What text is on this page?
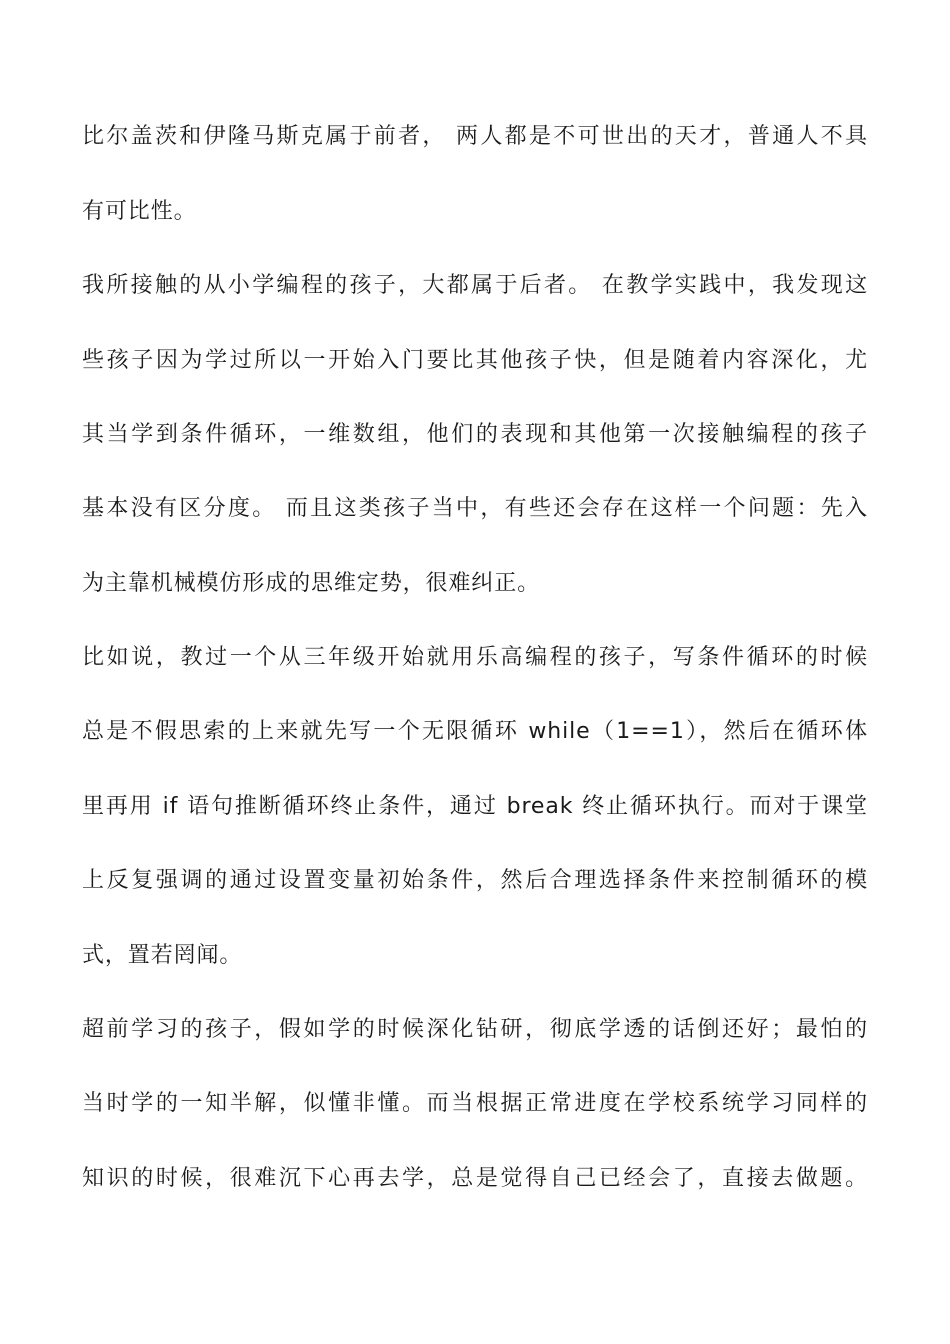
比尔盖茨和伊隆马斯克属于前者， 两人都是不可世出的天才，普通人不具
有可比性。
我所接触的从小学编程的孩子，大都属于后者。 在教学实践中，我发现这
些孩子因为学过所以一开始入门要比其他孩子快，但是随着内容深化，尤
其当学到条件循环，一维数组，他们的表现和其他第一次接触编程的孩子
基本没有区分度。 而且这类孩子当中，有些还会存在这样一个问题：先入
为主靠机械模仿形成的思维定势，很难纠正。
比如说，教过一个从三年级开始就用乐高编程的孩子，写条件循环的时候
总是不假思索的上来就先写一个无限循环 while（1==1），然后在循环体
里再用 if 语句推断循环终止条件，通过 break 终止循环执行。而对于课堂
上反复强调的通过设置变量初始条件，然后合理选择条件来控制循环的模
式，置若罔闻。
超前学习的孩子，假如学的时候深化钻研，彻底学透的话倒还好；最怕的
当时学的一知半解，似懂非懂。而当根据正常进度在学校系统学习同样的
知识的时候，很难沉下心再去学，总是觉得自己已经会了，直接去做题。
